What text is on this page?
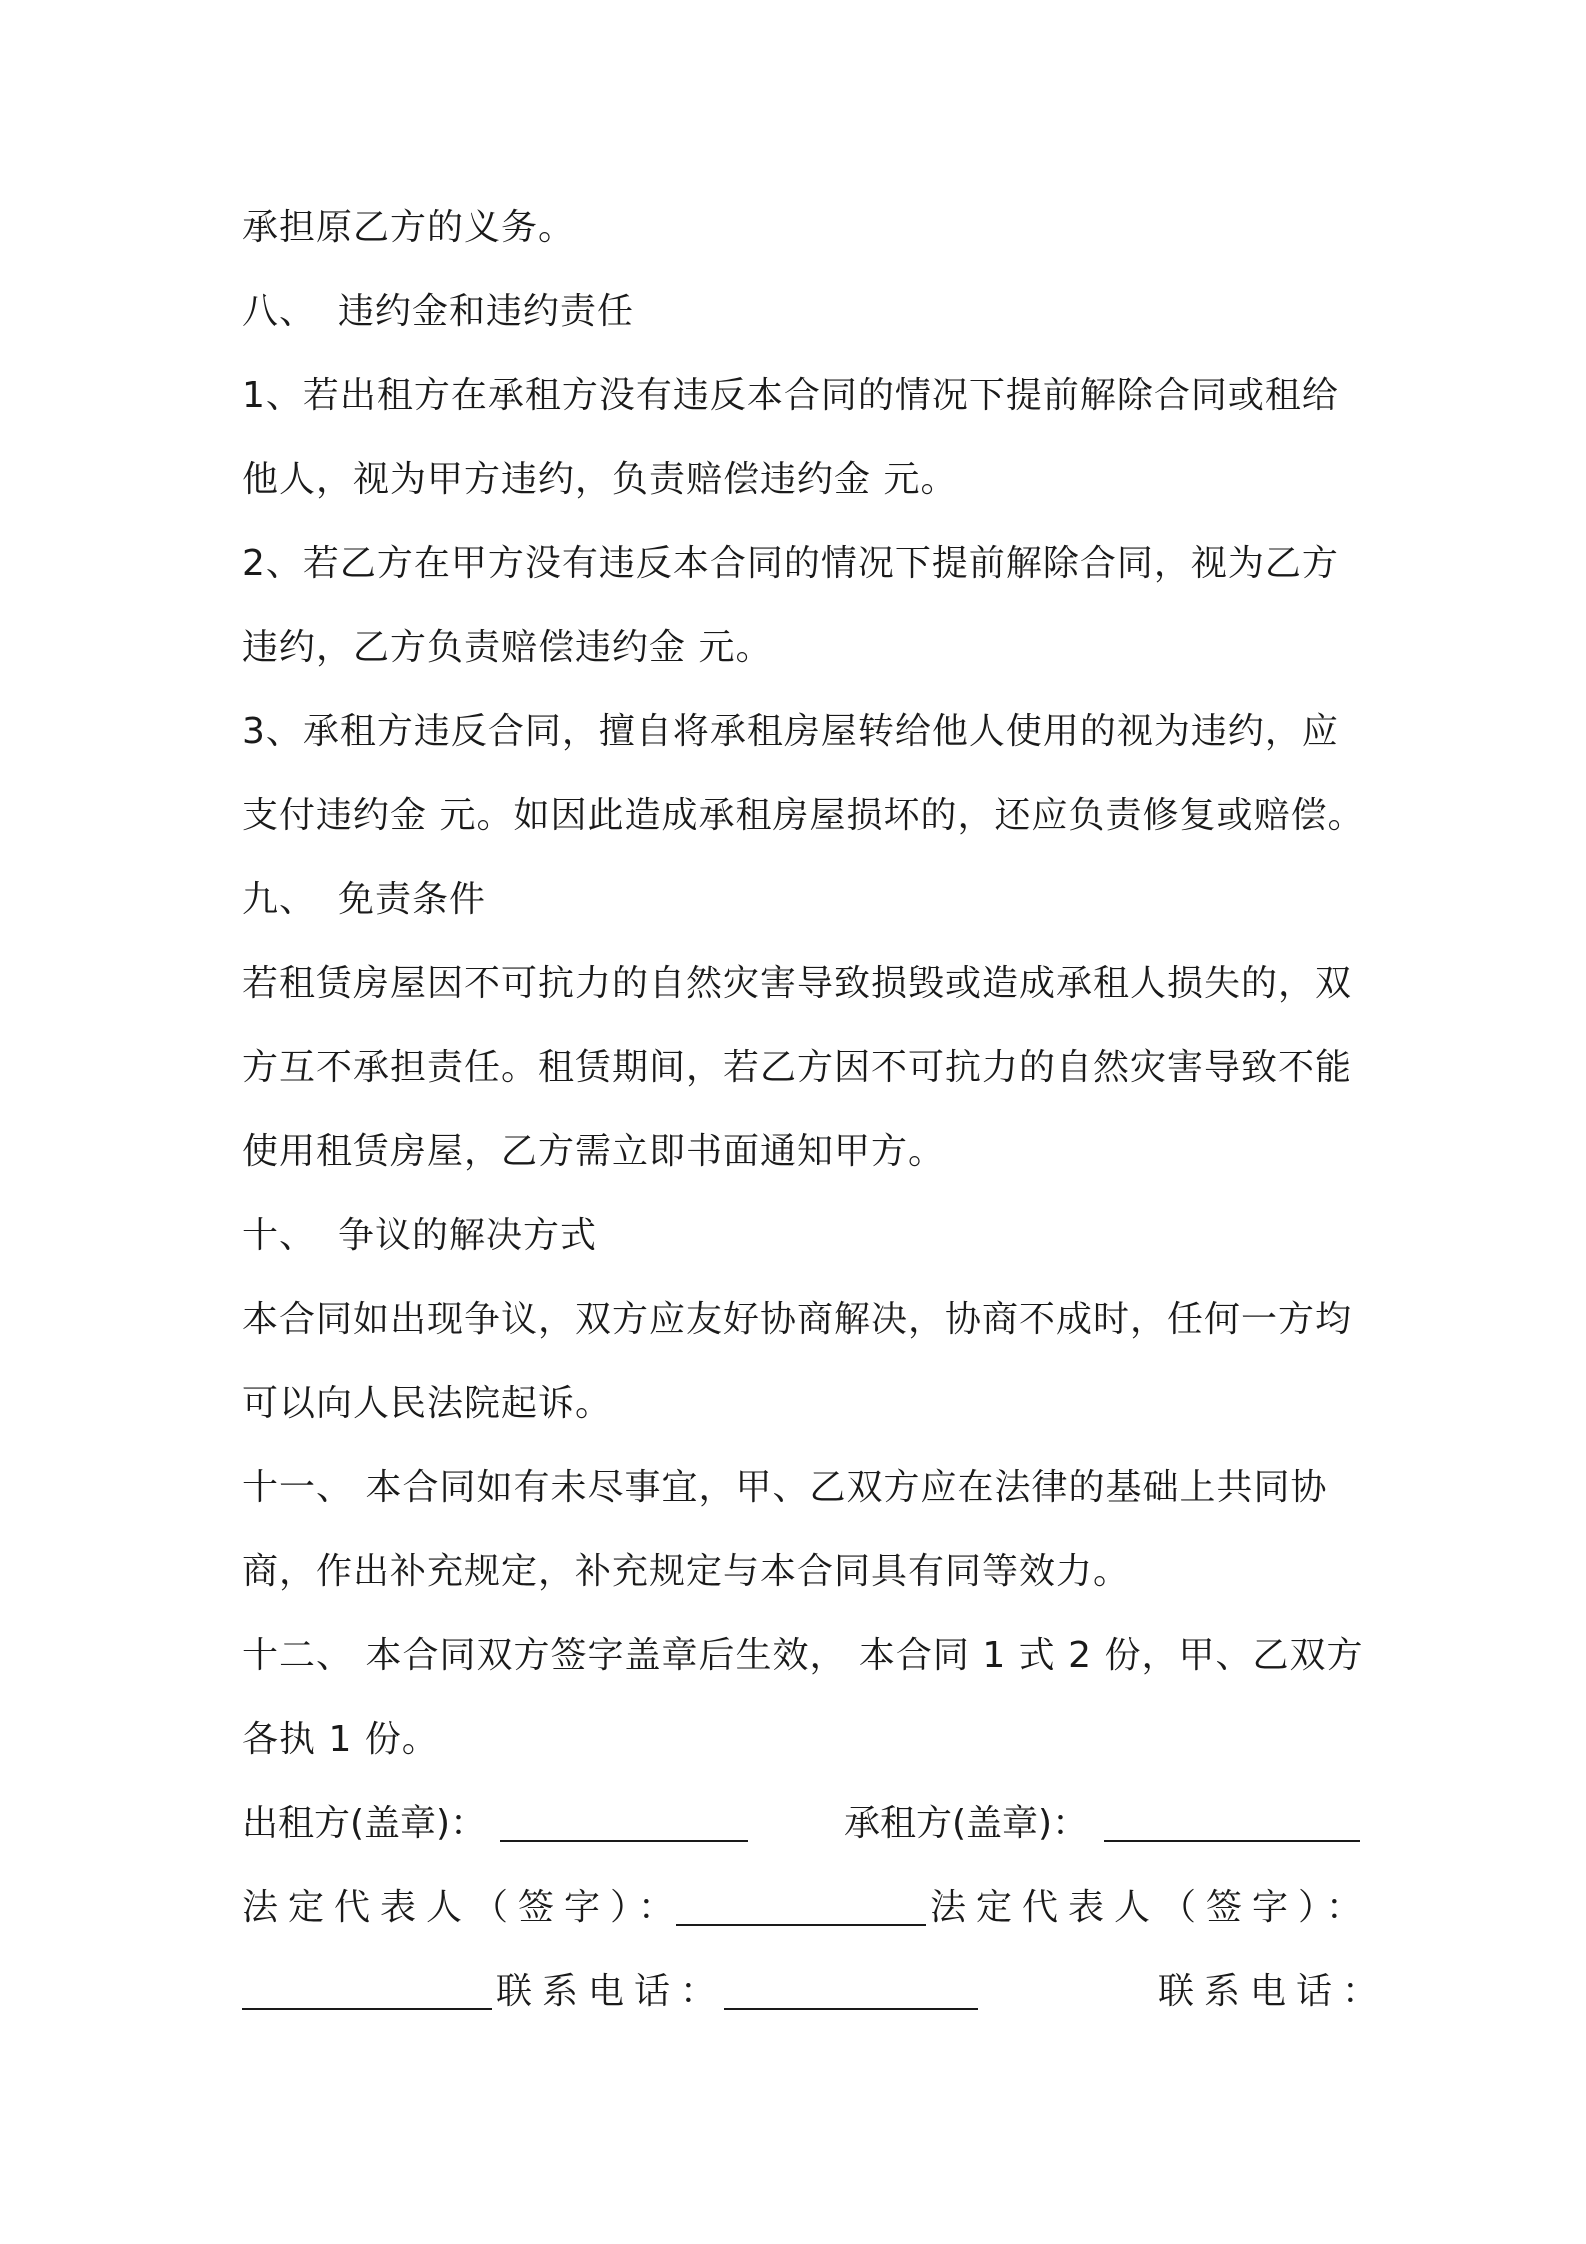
承担原乙方的义务。
八、 违约金和违约责任
1、若出租方在承租方没有违反本合同的情况下提前解除合同或租给
他人，视为甲方违约，负责赔偿违约金 元。
2、若乙方在甲方没有违反本合同的情况下提前解除合同，视为乙方
违约，乙方负责赔偿违约金 元。
3、承租方违反合同，擅自将承租房屋转给他人使用的视为违约，应
支付违约金 元。如因此造成承租房屋损坏的，还应负责修复或赔偿。
九、 免责条件
若租赁房屋因不可抗力的自然灾害导致损毁或造成承租人损失的，双
方互不承担责任。租赁期间，若乙方因不可抗力的自然灾害导致不能
使用租赁房屋，乙方需立即书面通知甲方。
十、 争议的解决方式
本合同如出现争议，双方应友好协商解决，协商不成时，任何一方均
可以向人民法院起诉。
十一、 本合同如有未尽事宜，甲、乙双方应在法律的基础上共同协
商，作出补充规定，补充规定与本合同具有同等效力。
十二、 本合同双方签字盖章后生效， 本合同 1 式 2 份，甲、乙双方
各执 1 份。
出租方(盖章)：	承租方(盖章)：
法定代表人（签字）：	法定代表人（签字）：
联系电话：	联系电话：
